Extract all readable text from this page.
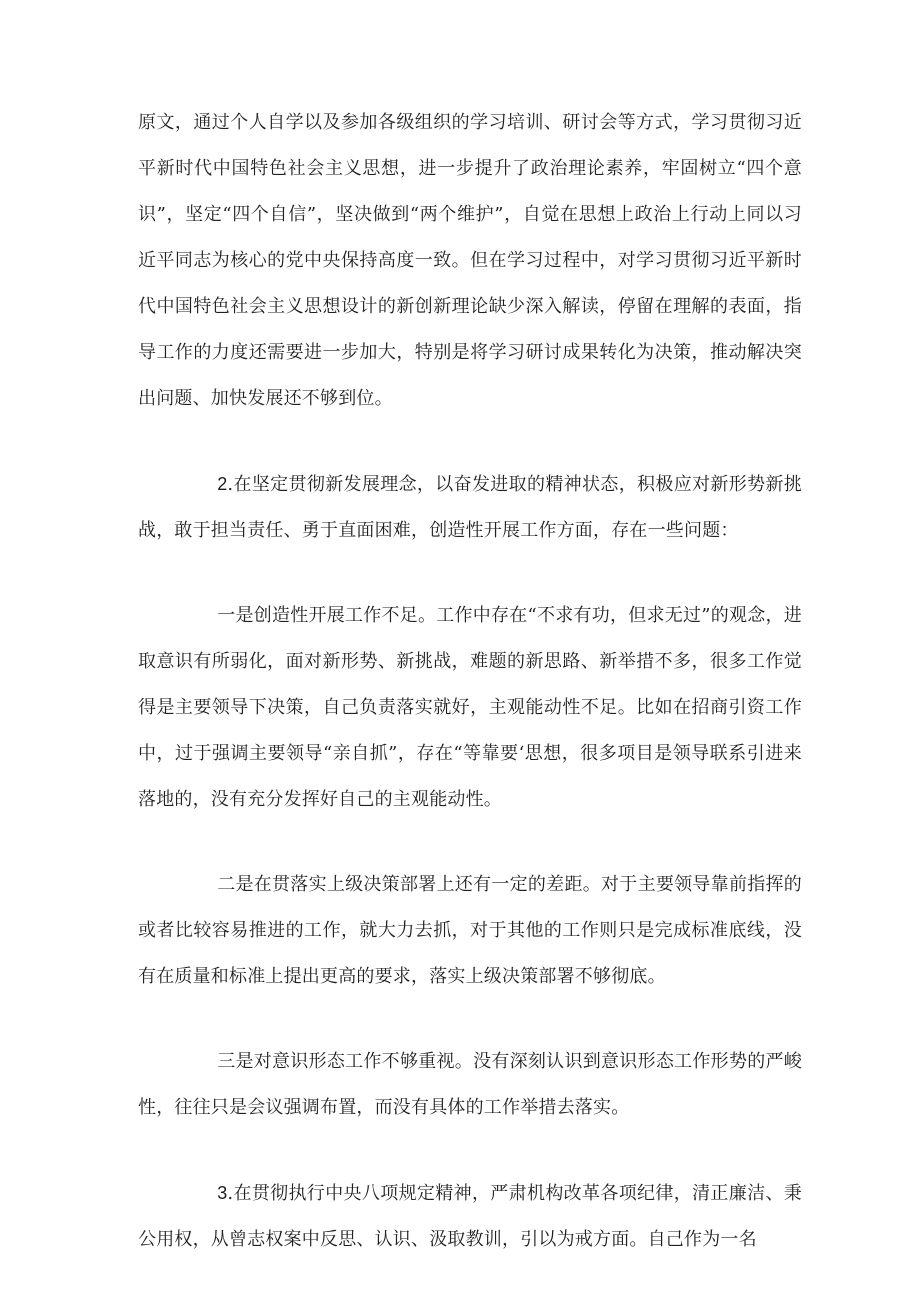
原文，通过个人自学以及参加各级组织的学习培训、研讨会等方式，学习贯彻习近平新时代中国特色社会主义思想，进一步提升了政治理论素养，牢固树立“四个意识”，坚定“四个自信”，坚决做到“两个维护”，自觉在思想上政治上行动上同以习近平同志为核心的党中央保持高度一致。但在学习过程中，对学习贯彻习近平新时代中国特色社会主义思想设计的新创新理论缺少深入解读，停留在理解的表面，指导工作的力度还需要进一步加大，特别是将学习研讨成果转化为决策，推动解决突出问题、加快发展还不够到位。

2.在坚定贯彻新发展理念，以奋发进取的精神状态，积极应对新形势新挑战，敢于担当责任、勇于直面困难，创造性开展工作方面，存在一些问题：

一是创造性开展工作不足。工作中存在“不求有功，但求无过”的观念，进取意识有所弱化，面对新形势、新挑战，难题的新思路、新举措不多，很多工作觉得是主要领导下决策，自己负责落实就好，主观能动性不足。比如在招商引资工作中，过于强调主要领导“亲自抓”，存在“等靠要‘思想，很多项目是领导联系引进来落地的，没有充分发挥好自己的主观能动性。

二是在贯落实上级决策部署上还有一定的差距。对于主要领导靠前指挥的或者比较容易推进的工作，就大力去抓，对于其他的工作则只是完成标准底线，没有在质量和标准上提出更高的要求，落实上级决策部署不够彻底。

三是对意识形态工作不够重视。没有深刻认识到意识形态工作形势的严峻性，往往只是会议强调布置，而没有具体的工作举措去落实。

3.在贯彻执行中央八项规定精神，严肃机构改革各项纪律，清正廉洁、秉公用权，从曾志权案中反思、认识、汲取教训，引以为戒方面。自己作为一名
